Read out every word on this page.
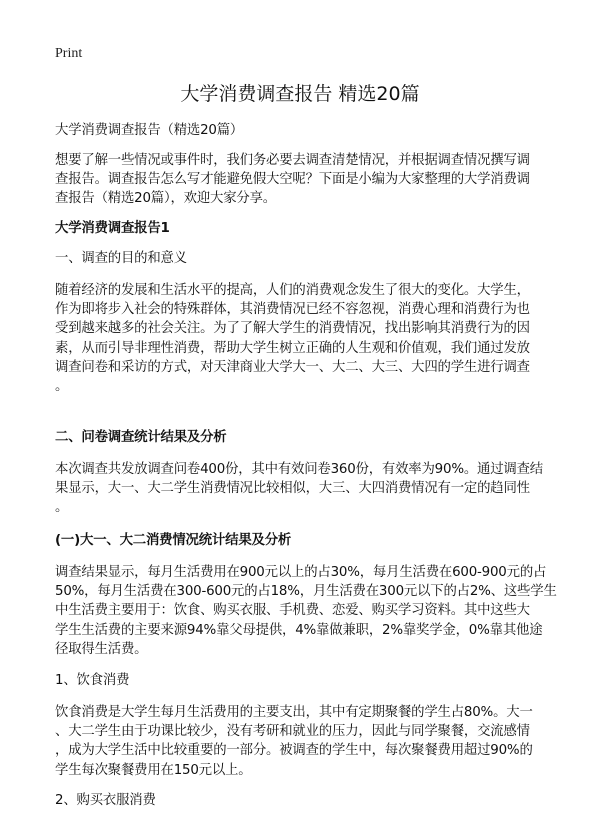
Print
大学消费调查报告 精选20篇
大学消费调查报告（精选20篇）
想要了解一些情况或事件时，我们务必要去调查清楚情况，并根据调查情况撰写调
查报告。调查报告怎么写才能避免假大空呢？下面是小编为大家整理的大学消费调
查报告（精选20篇），欢迎大家分享。
大学消费调查报告1
一、调查的目的和意义
随着经济的发展和生活水平的提高，人们的消费观念发生了很大的变化。大学生，
作为即将步入社会的特殊群体，其消费情况已经不容忽视，消费心理和消费行为也
受到越来越多的社会关注。为了了解大学生的消费情况，找出影响其消费行为的因
素，从而引导非理性消费，帮助大学生树立正确的人生观和价值观，我们通过发放
调查问卷和采访的方式，对天津商业大学大一、大二、大三、大四的学生进行调查
。
二、问卷调查统计结果及分析
本次调查共发放调查问卷400份，其中有效问卷360份，有效率为90%。通过调查结
果显示，大一、大二学生消费情况比较相似，大三、大四消费情况有一定的趋同性
。
(一)大一、大二消费情况统计结果及分析
调查结果显示，每月生活费用在900元以上的占30%，每月生活费在600-900元的占
50%，每月生活费在300-600元的占18%，月生活费在300元以下的占2%、这些学生
中生活费主要用于：饮食、购买衣服、手机费、恋爱、购买学习资料。其中这些大
学生生活费的主要来源94%靠父母提供，4%靠做兼职，2%靠奖学金，0%靠其他途
径取得生活费。
1、饮食消费
饮食消费是大学生每月生活费用的主要支出，其中有定期聚餐的学生占80%。大一
、大二学生由于功课比较少，没有考研和就业的压力，因此与同学聚餐，交流感情
，成为大学生活中比较重要的一部分。被调查的学生中，每次聚餐费用超过90%的
学生每次聚餐费用在150元以上。
2、购买衣服消费
